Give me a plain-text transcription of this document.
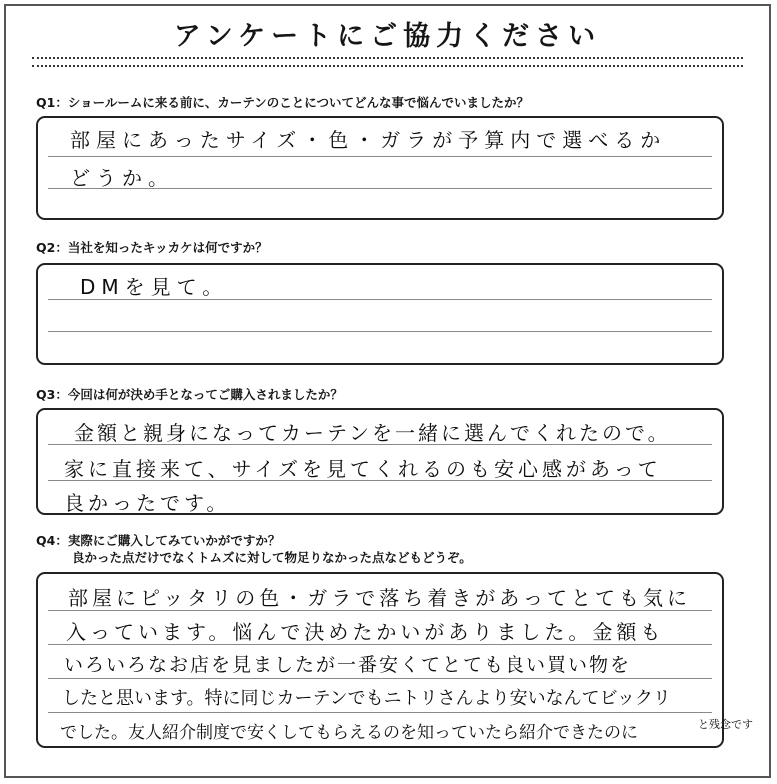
アンケートにご協力ください
Q1：ショールームに来る前に、カーテンのことについてどんな事で悩んでいましたか？
部屋にあったサイズ・色・ガラが予算内で選べるか
どうか。
Q2：当社を知ったキッカケは何ですか？
DMを見て。
Q3：今回は何が決め手となってご購入されましたか？
金額と親身になってカーテンを一緒に選んでくれたので。
家に直接来て、サイズを見てくれるのも安心感があって
良かったです。
Q4：実際にご購入してみていかがですか？
良かった点だけでなくトムズに対して物足りなかった点などもどうぞ。
部屋にピッタリの色・ガラで落ち着きがあってとても気に
入っています。悩んで決めたかいがありました。金額も
いろいろなお店を見ましたが一番安くてとても良い買い物を
したと思います。特に同じカーテンでもニトリさんより安いなんてビックリ
でした。友人紹介制度で安くしてもらえるのを知っていたら紹介できたのに	と残念です
